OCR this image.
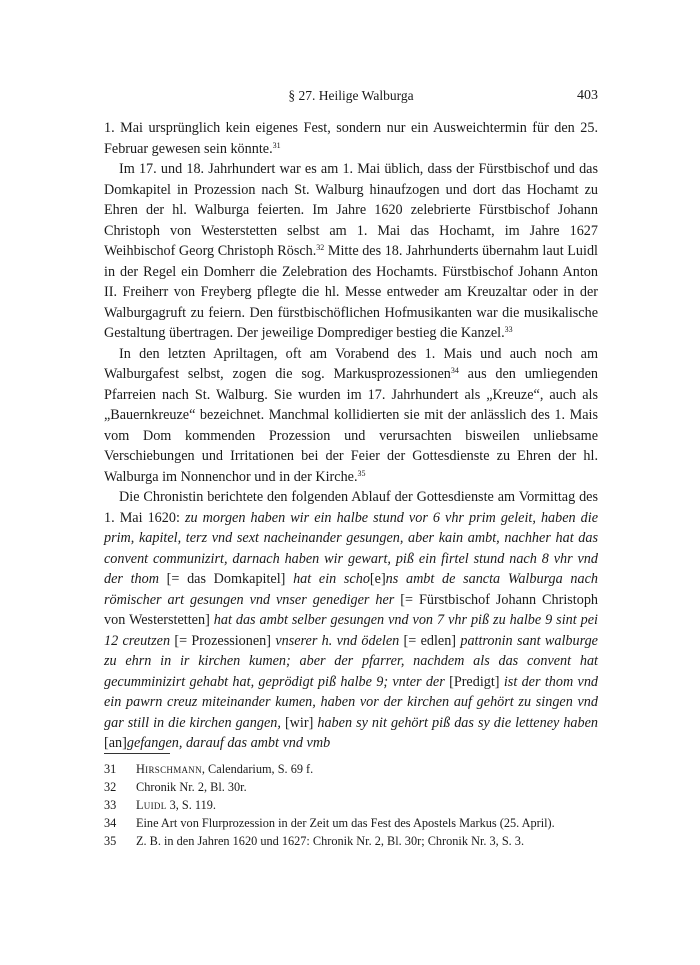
§ 27. Heilige Walburga	403

1. Mai ursprünglich kein eigenes Fest, sondern nur ein Ausweichtermin für den 25. Februar gewesen sein könnte.$^{31}$

Im 17. und 18. Jahrhundert war es am 1. Mai üblich, dass der Fürstbischof und das Domkapitel in Prozession nach St. Walburg hinaufzogen und dort das Hochamt zu Ehren der hl. Walburga feierten. Im Jahre 1620 zelebrierte Fürstbischof Johann Christoph von Westerstetten selbst am 1. Mai das Hochamt, im Jahre 1627 Weihbischof Georg Christoph Rösch.$^{32}$ Mitte des 18. Jahrhunderts übernahm laut Luidl in der Regel ein Domherr die Zelebration des Hochamts. Fürstbischof Johann Anton II. Freiherr von Freyberg pflegte die hl. Messe entweder am Kreuzaltar oder in der Walburgagruft zu feiern. Den fürstbischöflichen Hofmusikanten war die musikalische Gestaltung übertragen. Der jeweilige Domprediger bestieg die Kanzel.$^{33}$

In den letzten Apriltagen, oft am Vorabend des 1. Mais und auch noch am Walburgafest selbst, zogen die sog. Markusprozessionen$^{34}$ aus den umliegenden Pfarreien nach St. Walburg. Sie wurden im 17. Jahrhundert als „Kreuze“, auch als „Bauernkreuze“ bezeichnet. Manchmal kollidierten sie mit der anlässlich des 1. Mais vom Dom kommenden Prozession und verursachten bisweilen unliebsame Verschiebungen und Irritationen bei der Feier der Gottesdienste zu Ehren der hl. Walburga im Nonnenchor und in der Kirche.$^{35}$

Die Chronistin berichtete den folgenden Ablauf der Gottesdienste am Vormittag des 1. Mai 1620: zu morgen haben wir ein halbe stund vor 6 vhr prim geleit, haben die prim, kapitel, terz vnd sext nacheinander gesungen, aber kain ambt, nachher hat das convent communizirt, darnach haben wir gewart, piß ein firtel stund nach 8 vhr vnd der thom [= das Domkapitel] hat ein scho[e]ns ambt de sancta Walburga nach römischer art gesungen vnd vnser genediger her [= Fürstbischof Johann Christoph von Westerstetten] hat das ambt selber gesungen vnd von 7 vhr piß zu halbe 9 sint pei 12 creutzen [= Prozessionen] vnserer h. vnd ödelen [= edlen] pattronin sant walburge zu ehrn in ir kirchen kumen; aber der pfarrer, nachdem als das convent hat gecumminizirt gehabt hat, geprödigt piß halbe 9; vnter der [Predigt] ist der thom vnd ein pawrn creuz miteinander kumen, haben vor der kirchen auf gehört zu singen vnd gar still in die kirchen gangen, [wir] haben sy nit gehört piß das sy die letteney haben [an]gefangen, darauf das ambt vnd vmb

31	Hirschmann, Calendarium, S. 69 f.
32	Chronik Nr. 2, Bl. 30r.
33	Luidl 3, S. 119.
34	Eine Art von Flurprozession in der Zeit um das Fest des Apostels Markus (25. April).
35	Z. B. in den Jahren 1620 und 1627: Chronik Nr. 2, Bl. 30r; Chronik Nr. 3, S. 3.
